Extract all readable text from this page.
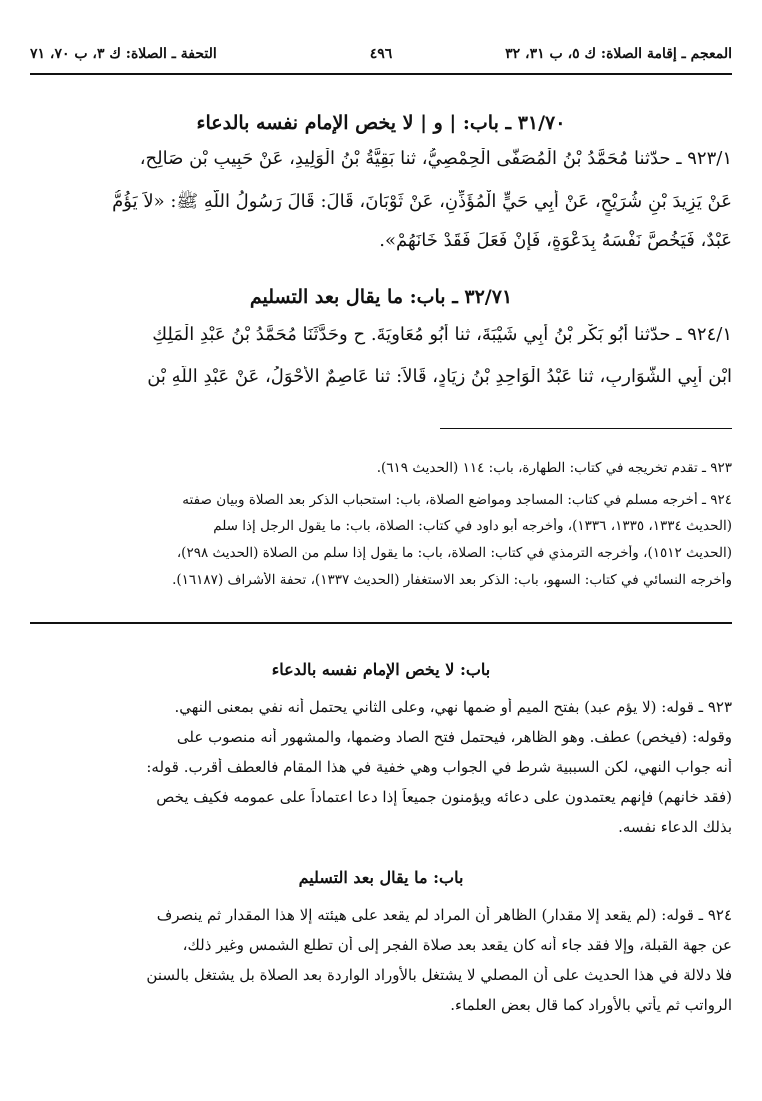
المعجم ـ إقامة الصلاة: ك ٥، ب ٣١، ٣٢
٤٩٦
التحفة ـ الصلاة: ك ٣، ب ٧٠، ٧١
٣١/٧٠ ـ باب: | و | لا يخص الإمام نفسه بالدعاء
٩٢٣/١ ـ حدّثنا مُحَمَّدُ بْنُ الْمُصَفَّى الْحِمْصِيُّ، ثنا بَقِيَّةُ بْنُ الْوَلِيدِ، عَنْ حَبِيبِ بْنِ صَالِحٍ،
عَنْ يَزِيدَ بْنِ شُرَيْحٍ، عَنْ أَبِي حَيٍّ الْمُؤَذِّنِ، عَنْ ثَوْبَانَ، قَالَ: قَالَ رَسُولُ اللَّهِ ﷺ: «لاَ يَؤُمُّ
عَبْدٌ، فَيَخُصَّ نَفْسَهُ بِدَعْوَةٍ، فَإِنْ فَعَلَ فَقَدْ خَانَهُمْ».
٣٢/٧١ ـ باب: ما يقال بعد التسليم
٩٢٤/١ ـ حدّثنا أَبُو بَكْرِ بْنُ أَبِي شَيْبَةَ، ثنا أَبُو مُعَاوِيَةَ. ح وحَدَّثَنَا مُحَمَّدُ بْنُ عَبْدِ الْمَلِكِ
ابْنِ أَبِي الشَّوَارِبِ، ثنا عَبْدُ الْوَاحِدِ بْنُ زِيَادٍ، قَالاَ: ثنا عَاصِمٌ الأَحْوَلُ، عَنْ عَبْدِ اللَّهِ بْنِ
٩٢٣ ـ تقدم تخريجه في كتاب: الطهارة، باب: ١١٤ (الحديث ٦١٩).
٩٢٤ ـ أخرجه مسلم في كتاب: المساجد ومواضع الصلاة، باب: استحباب الذكر بعد الصلاة وبيان صفته
(الحديث ١٣٣٤، ١٣٣٥، ١٣٣٦)، وأخرجه أبو داود في كتاب: الصلاة، باب: ما يقول الرجل إذا سلم
(الحديث ١٥١٢)، وأخرجه الترمذي في كتاب: الصلاة، باب: ما يقول إذا سلم من الصلاة (الحديث ٢٩٨)،
وأخرجه النسائي في كتاب: السهو، باب: الذكر بعد الاستغفار (الحديث ١٣٣٧)، تحفة الأشراف (١٦١٨٧).
باب: لا يخص الإمام نفسه بالدعاء
٩٢٣ ـ قوله: (لا يؤم عبد) بفتح الميم أو ضمها نهي، وعلى الثاني يحتمل أنه نفي بمعنى النهي.
وقوله: (فيخص) عطف. وهو الظاهر، فيحتمل فتح الصاد وضمها، والمشهور أنه منصوب على
أنه جواب النهي، لكن السببية شرط في الجواب وهي خفية في هذا المقام فالعطف أقرب. قوله:
(فقد خانهم) فإنهم يعتمدون على دعائه ويؤمنون جميعاً إذا دعا اعتماداً على عمومه فكيف يخص
بذلك الدعاء نفسه.
باب: ما يقال بعد التسليم
٩٢٤ ـ قوله: (لم يقعد إلا مقدار) الظاهر أن المراد لم يقعد على هيئته إلا هذا المقدار ثم ينصرف
عن جهة القبلة، وإلا فقد جاء أنه كان يقعد بعد صلاة الفجر إلى أن تطلع الشمس وغير ذلك،
فلا دلالة في هذا الحديث على أن المصلي لا يشتغل بالأوراد الواردة بعد الصلاة بل يشتغل بالسنن
الرواتب ثم يأتي بالأوراد كما قال بعض العلماء.
